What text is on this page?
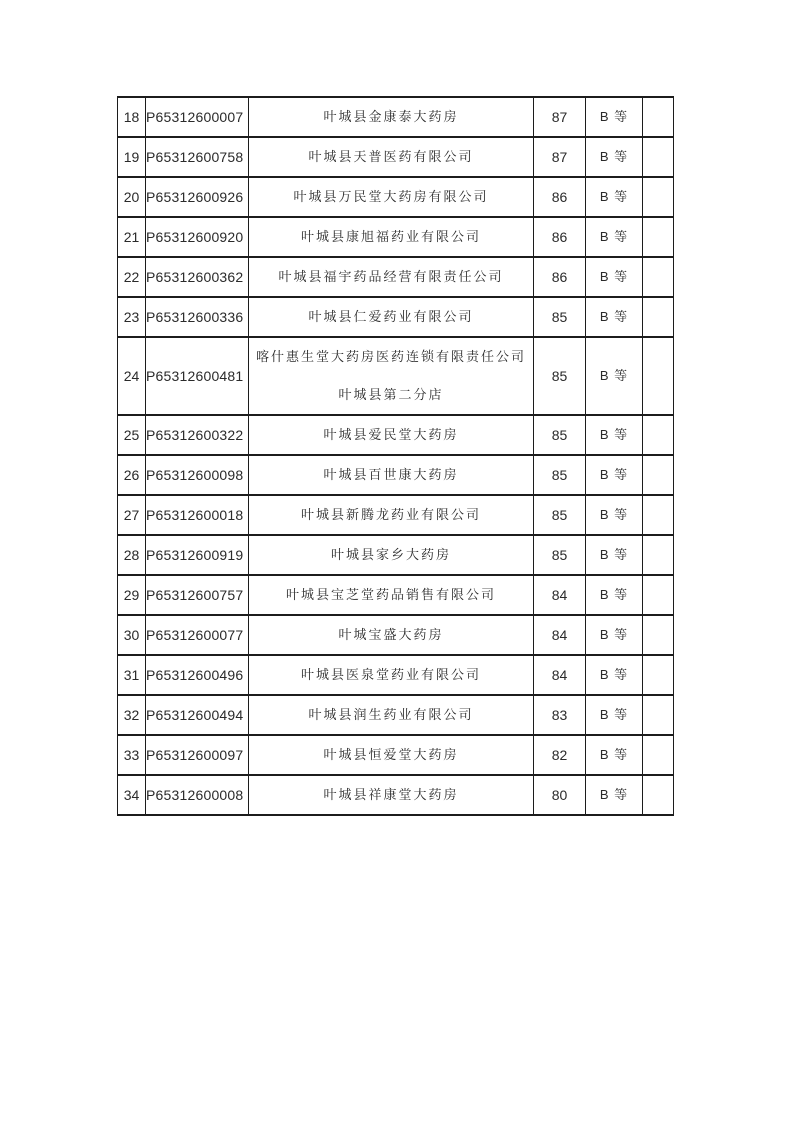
18	P65312600007	叶城县金康泰大药房	87	B 等	
19	P65312600758	叶城县天普医药有限公司	87	B 等	
20	P65312600926	叶城县万民堂大药房有限公司	86	B 等	
21	P65312600920	叶城县康旭福药业有限公司	86	B 等	
22	P65312600362	叶城县福宇药品经营有限责任公司	86	B 等	
23	P65312600336	叶城县仁爱药业有限公司	85	B 等	
24	P65312600481	喀什惠生堂大药房医药连锁有限责任公司叶城县第二分店	85	B 等	
25	P65312600322	叶城县爱民堂大药房	85	B 等	
26	P65312600098	叶城县百世康大药房	85	B 等	
27	P65312600018	叶城县新腾龙药业有限公司	85	B 等	
28	P65312600919	叶城县家乡大药房	85	B 等	
29	P65312600757	叶城县宝芝堂药品销售有限公司	84	B 等	
30	P65312600077	叶城宝盛大药房	84	B 等	
31	P65312600496	叶城县医泉堂药业有限公司	84	B 等	
32	P65312600494	叶城县润生药业有限公司	83	B 等	
33	P65312600097	叶城县恒爱堂大药房	82	B 等	
34	P65312600008	叶城县祥康堂大药房	80	B 等	
